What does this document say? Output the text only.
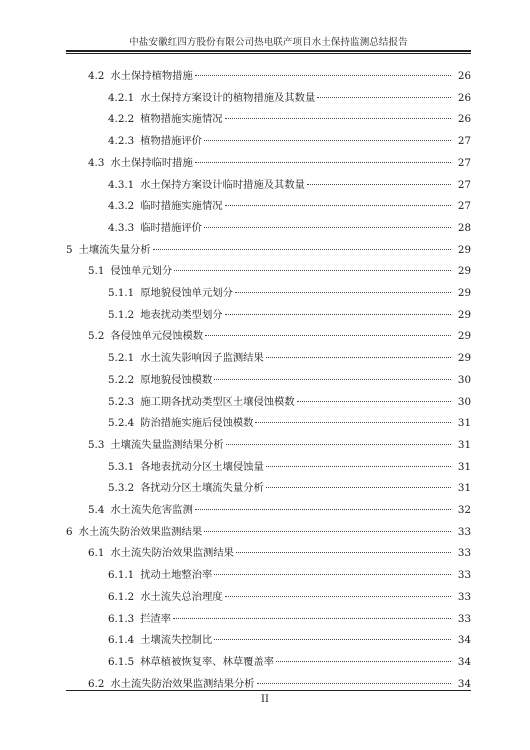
中盐安徽红四方股份有限公司热电联产项目水土保持监测总结报告
4.2 水土保持植物措施	26
4.2.1 水土保持方案设计的植物措施及其数量	26
4.2.2 植物措施实施情况	26
4.2.3 植物措施评价	27
4.3 水土保持临时措施	27
4.3.1 水土保持方案设计临时措施及其数量	27
4.3.2 临时措施实施情况	27
4.3.3 临时措施评价	28
5 土壤流失量分析	29
5.1 侵蚀单元划分	29
5.1.1 原地貌侵蚀单元划分	29
5.1.2 地表扰动类型划分	29
5.2 各侵蚀单元侵蚀模数	29
5.2.1 水土流失影响因子监测结果	29
5.2.2 原地貌侵蚀模数	30
5.2.3 施工期各扰动类型区土壤侵蚀模数	30
5.2.4 防治措施实施后侵蚀模数	31
5.3 土壤流失量监测结果分析	31
5.3.1 各地表扰动分区土壤侵蚀量	31
5.3.2 各扰动分区土壤流失量分析	31
5.4 水土流失危害监测	32
6 水土流失防治效果监测结果	33
6.1 水土流失防治效果监测结果	33
6.1.1 扰动土地整治率	33
6.1.2 水土流失总治理度	33
6.1.3 拦渣率	33
6.1.4 土壤流失控制比	34
6.1.5 林草植被恢复率、林草覆盖率	34
6.2 水土流失防治效果监测结果分析	34
II
